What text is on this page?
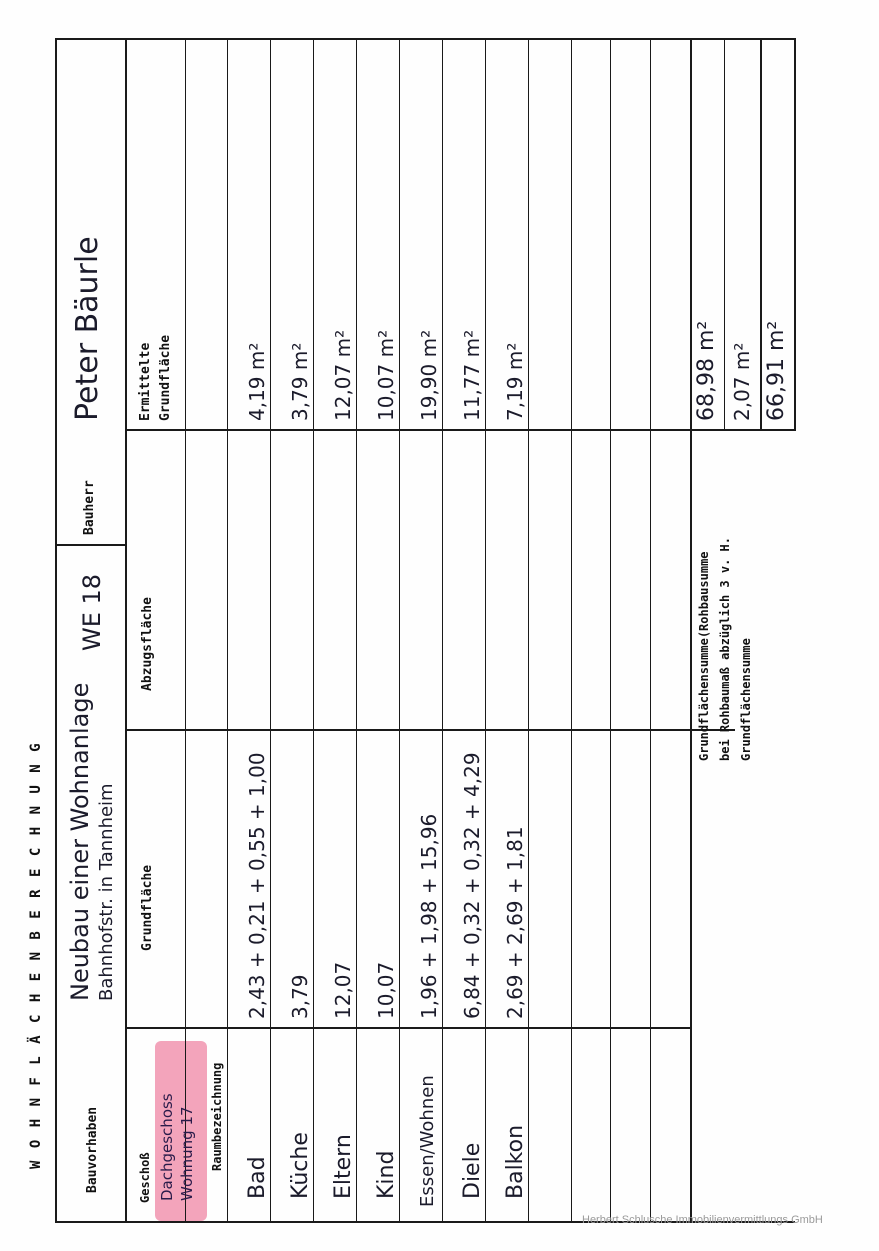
W O H N F L Ä C H E N B E R E C H N U N G	Bauvorhaben
Neubau einer Wohnanlage Bahnhofstr. in Tannheim
WE 18
Bauherr
Peter Bäurle
Geschoß Dachgeschoss Wohnung 17 Raumbezeichnung
Grundfläche
Abzugsfläche
Ermittelte Grundfläche
Bad
2,43 + 0,21 + 0,55 + 1,00
4,19 m²
Küche
3,79
3,79 m²
Eltern
12,07
12,07 m²
Kind
10,07
10,07 m²
Essen/Wohnen
1,96 + 1,98 + 15,96
19,90 m²
Diele
6,84 + 0,32 + 0,32 + 4,29
11,77 m²
Balkon
2,69 + 2,69 + 1,81
7,19 m²
Grundflächensumme(Rohbausumme bei Rohbaumaß abzüglich 3 v. H. Grundflächensumme
68,98 m² 2,07 m² 66,91 m²
Herbert Schlusche Immobilienvermittlungs GmbH
